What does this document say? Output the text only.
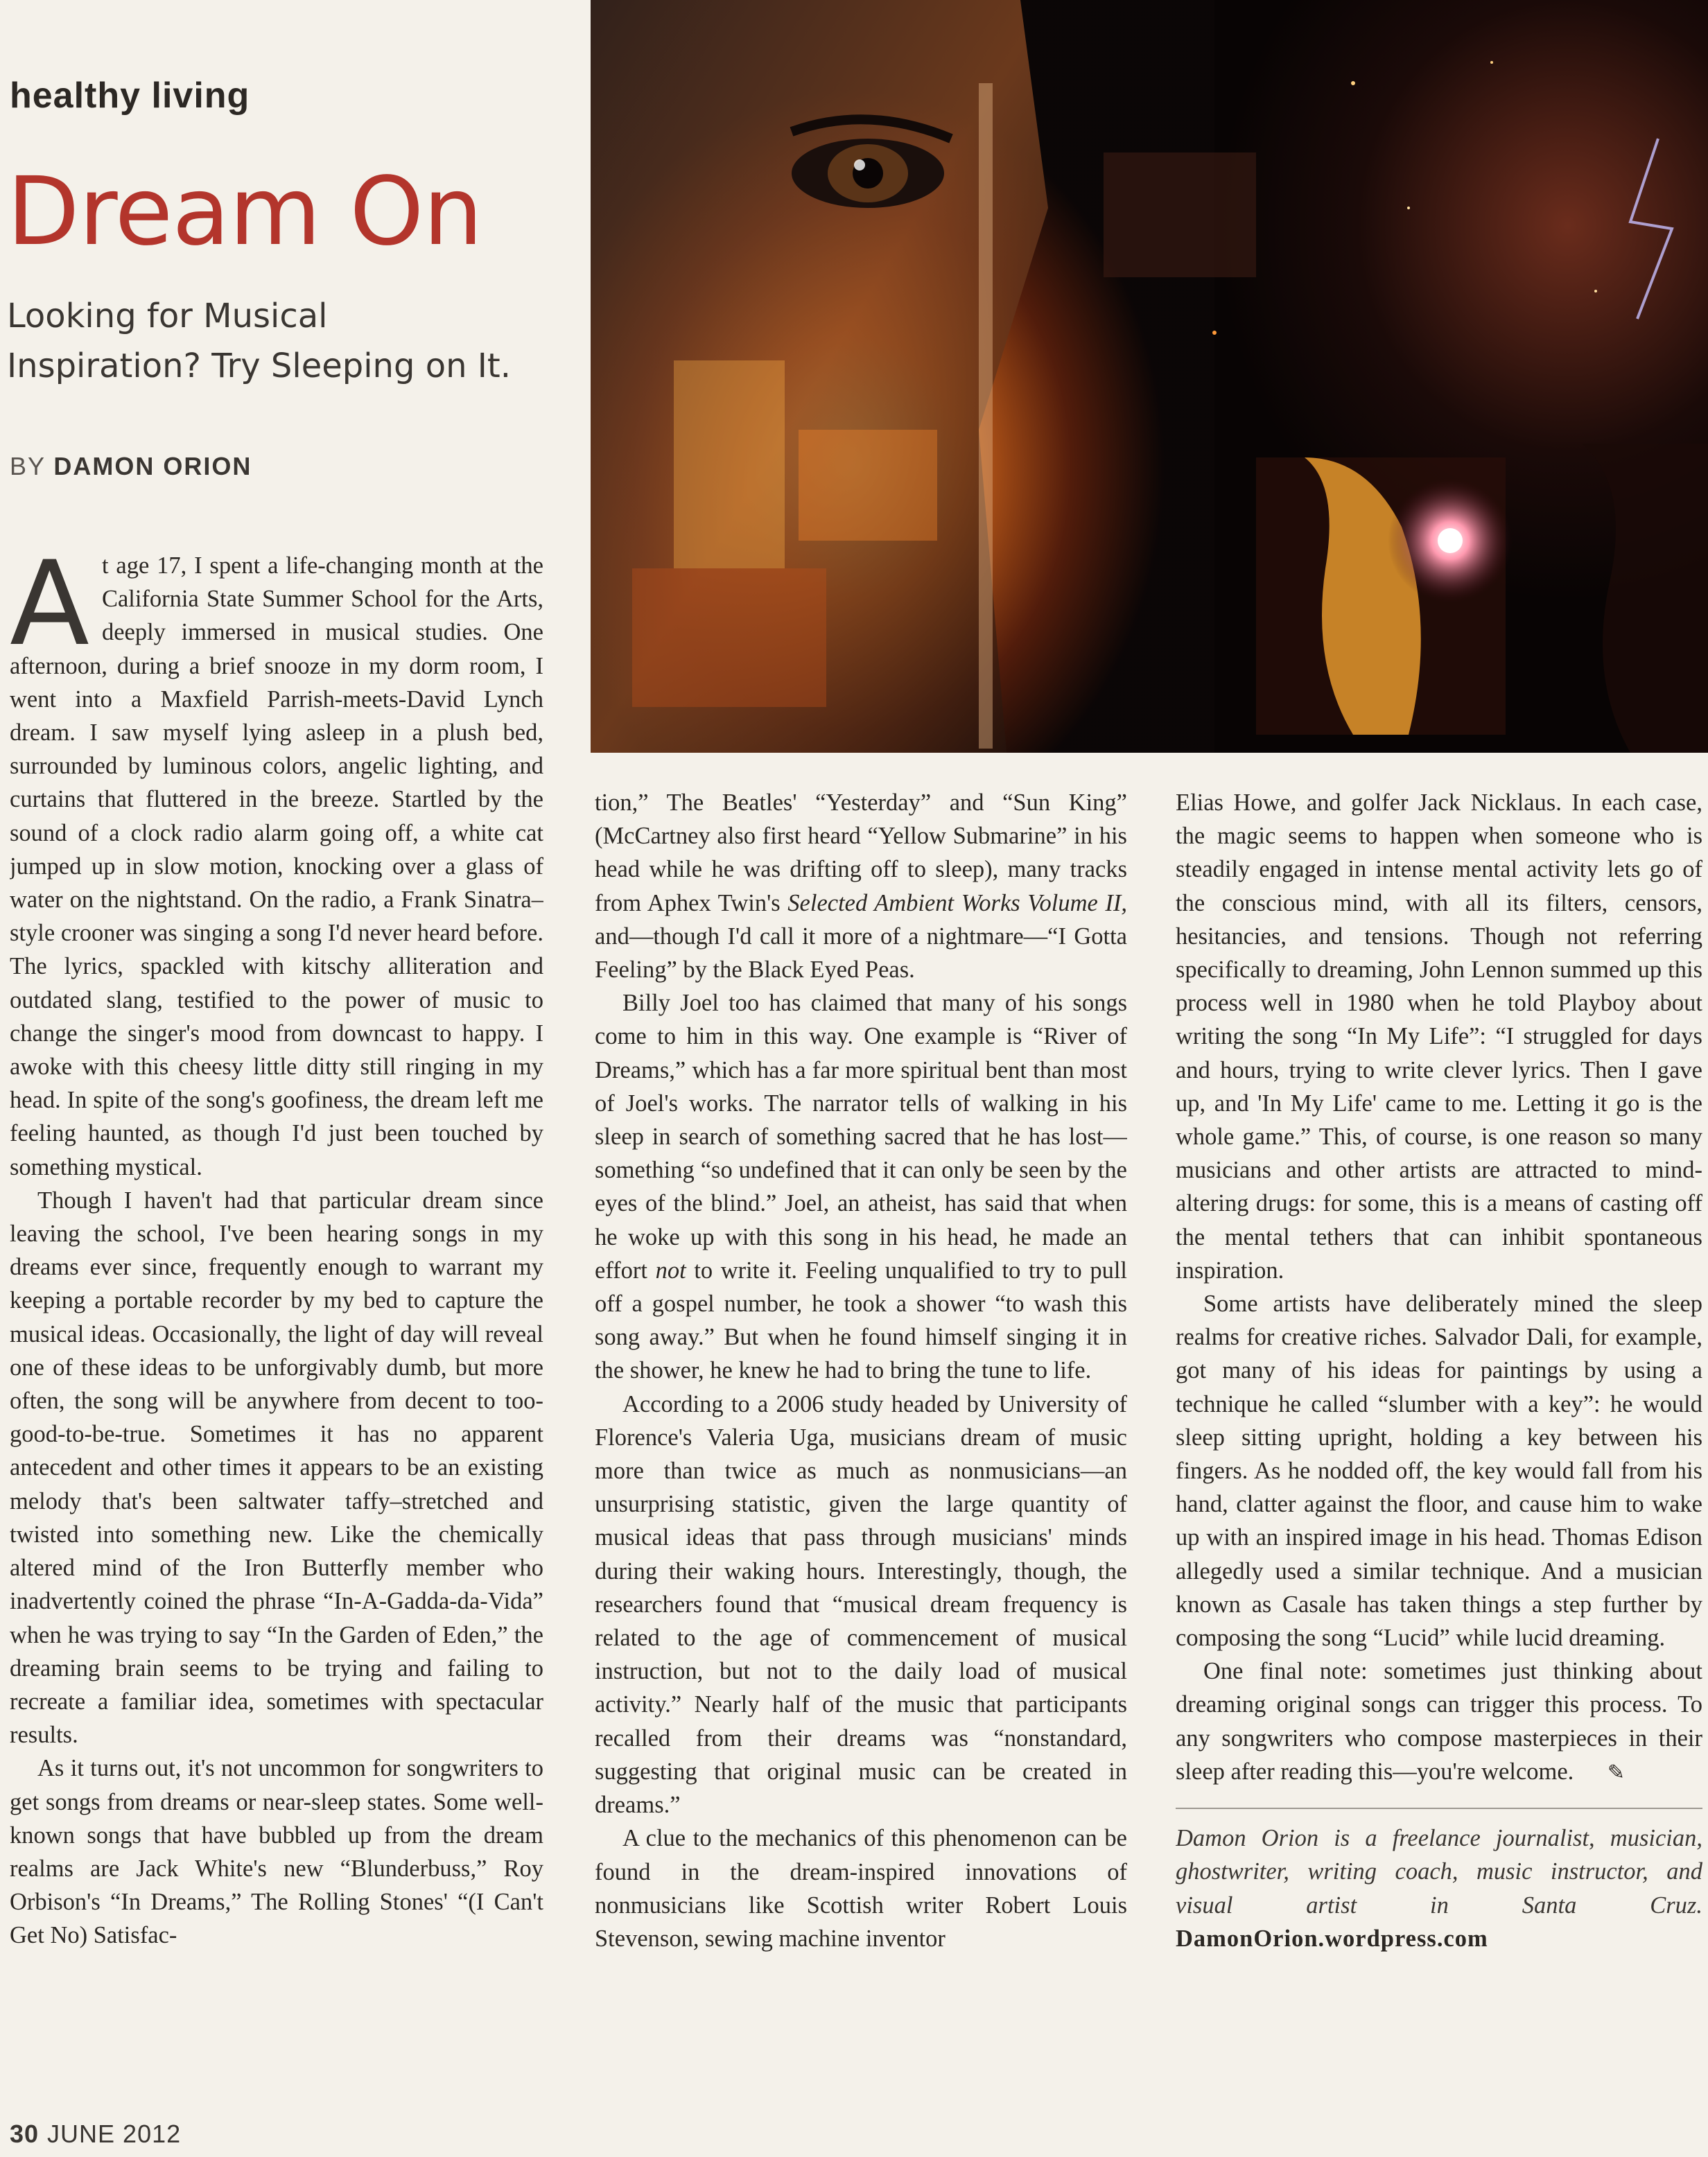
healthy living
Dream On
Looking for Musical
Inspiration? Try Sleeping on It.
BY DAMON ORION

At age 17, I spent a life-changing month at the California State Summer School for the Arts, deeply immersed in musical studies. One afternoon, during a brief snooze in my dorm room, I went into a Maxfield Parrish-meets-David Lynch dream. I saw myself lying asleep in a plush bed, surrounded by luminous colors, angelic lighting, and curtains that fluttered in the breeze. Startled by the sound of a clock radio alarm going off, a white cat jumped up in slow motion, knocking over a glass of water on the nightstand. On the radio, a Frank Sinatra–style crooner was singing a song I'd never heard before. The lyrics, spackled with kitschy alliteration and outdated slang, testified to the power of music to change the singer's mood from downcast to happy. I awoke with this cheesy little ditty still ringing in my head. In spite of the song's goofiness, the dream left me feeling haunted, as though I'd just been touched by something mystical.

Though I haven't had that particular dream since leaving the school, I've been hearing songs in my dreams ever since, frequently enough to warrant my keeping a portable recorder by my bed to capture the musical ideas. Occasionally, the light of day will reveal one of these ideas to be unforgivably dumb, but more often, the song will be anywhere from decent to too-good-to-be-true. Sometimes it has no apparent antecedent and other times it appears to be an existing melody that's been saltwater taffy–stretched and twisted into something new. Like the chemically altered mind of the Iron Butterfly member who inadvertently coined the phrase “In-A-Gadda-da-Vida” when he was trying to say “In the Garden of Eden,” the dreaming brain seems to be trying and failing to recreate a familiar idea, sometimes with spectacular results.

As it turns out, it's not uncommon for songwriters to get songs from dreams or near-sleep states. Some well-known songs that have bubbled up from the dream realms are Jack White's new “Blunderbuss,” Roy Orbison's “In Dreams,” The Rolling Stones' “(I Can't Get No) Satisfac-

tion,” The Beatles' “Yesterday” and “Sun King” (McCartney also first heard “Yellow Submarine” in his head while he was drifting off to sleep), many tracks from Aphex Twin's Selected Ambient Works Volume II, and—though I'd call it more of a nightmare—“I Gotta Feeling” by the Black Eyed Peas.

Billy Joel too has claimed that many of his songs come to him in this way. One example is “River of Dreams,” which has a far more spiritual bent than most of Joel's works. The narrator tells of walking in his sleep in search of something sacred that he has lost—something “so undefined that it can only be seen by the eyes of the blind.” Joel, an atheist, has said that when he woke up with this song in his head, he made an effort not to write it. Feeling unqualified to try to pull off a gospel number, he took a shower “to wash this song away.” But when he found himself singing it in the shower, he knew he had to bring the tune to life.

According to a 2006 study headed by University of Florence's Valeria Uga, musicians dream of music more than twice as much as nonmusicians—an unsurprising statistic, given the large quantity of musical ideas that pass through musicians' minds during their waking hours. Interestingly, though, the researchers found that “musical dream frequency is related to the age of commencement of musical instruction, but not to the daily load of musical activity.” Nearly half of the music that participants recalled from their dreams was “nonstandard, suggesting that original music can be created in dreams.”

A clue to the mechanics of this phenomenon can be found in the dream-inspired innovations of nonmusicians like Scottish writer Robert Louis Stevenson, sewing machine inventor

Elias Howe, and golfer Jack Nicklaus. In each case, the magic seems to happen when someone who is steadily engaged in intense mental activity lets go of the conscious mind, with all its filters, censors, hesitancies, and tensions. Though not referring specifically to dreaming, John Lennon summed up this process well in 1980 when he told Playboy about writing the song “In My Life”: “I struggled for days and hours, trying to write clever lyrics. Then I gave up, and 'In My Life' came to me. Letting it go is the whole game.” This, of course, is one reason so many musicians and other artists are attracted to mind-altering drugs: for some, this is a means of casting off the mental tethers that can inhibit spontaneous inspiration.

Some artists have deliberately mined the sleep realms for creative riches. Salvador Dali, for example, got many of his ideas for paintings by using a technique he called “slumber with a key”: he would sleep sitting upright, holding a key between his fingers. As he nodded off, the key would fall from his hand, clatter against the floor, and cause him to wake up with an inspired image in his head. Thomas Edison allegedly used a similar technique. And a musician known as Casale has taken things a step further by composing the song “Lucid” while lucid dreaming.

One final note: sometimes just thinking about dreaming original songs can trigger this process. To any songwriters who compose masterpieces in their sleep after reading this—you're welcome. ✎

Damon Orion is a freelance journalist, musician, ghostwriter, writing coach, music instructor, and visual artist in Santa Cruz. DamonOrion.wordpress.com

30 JUNE 2012
